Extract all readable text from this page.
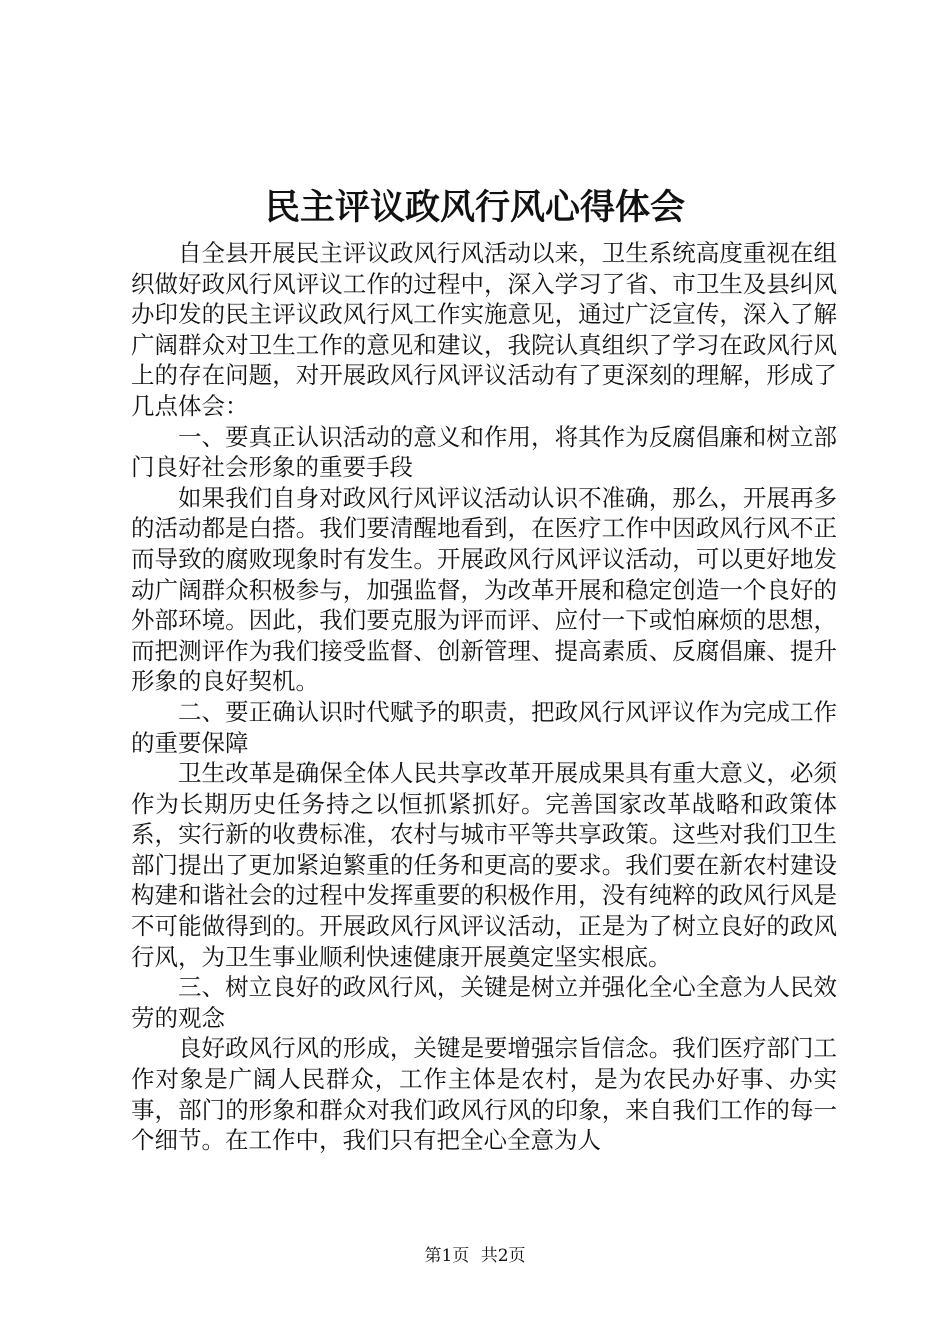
民主评议政风行风心得体会

自全县开展民主评议政风行风活动以来，卫生系统高度重视在组织做好政风行风评议工作的过程中，深入学习了省、市卫生及县纠风办印发的民主评议政风行风工作实施意见，通过广泛宣传，深入了解广阔群众对卫生工作的意见和建议，我院认真组织了学习在政风行风上的存在问题，对开展政风行风评议活动有了更深刻的理解，形成了几点体会：

一、要真正认识活动的意义和作用，将其作为反腐倡廉和树立部门良好社会形象的重要手段

如果我们自身对政风行风评议活动认识不准确，那么，开展再多的活动都是白搭。我们要清醒地看到，在医疗工作中因政风行风不正而导致的腐败现象时有发生。开展政风行风评议活动，可以更好地发动广阔群众积极参与，加强监督，为改革开展和稳定创造一个良好的外部环境。因此，我们要克服为评而评、应付一下或怕麻烦的思想，而把测评作为我们接受监督、创新管理、提高素质、反腐倡廉、提升形象的良好契机。

二、要正确认识时代赋予的职责，把政风行风评议作为完成工作的重要保障

卫生改革是确保全体人民共享改革开展成果具有重大意义，必须作为长期历史任务持之以恒抓紧抓好。完善国家改革战略和政策体系，实行新的收费标准，农村与城市平等共享政策。这些对我们卫生部门提出了更加紧迫繁重的任务和更高的要求。我们要在新农村建设构建和谐社会的过程中发挥重要的积极作用，没有纯粹的政风行风是不可能做得到的。开展政风行风评议活动，正是为了树立良好的政风行风，为卫生事业顺利快速健康开展奠定坚实根底。

三、树立良好的政风行风，关键是树立并强化全心全意为人民效劳的观念

良好政风行风的形成，关键是要增强宗旨信念。我们医疗部门工作对象是广阔人民群众，工作主体是农村，是为农民办好事、办实事，部门的形象和群众对我们政风行风的印象，来自我们工作的每一个细节。在工作中，我们只有把全心全意为人

第1页 共2页
